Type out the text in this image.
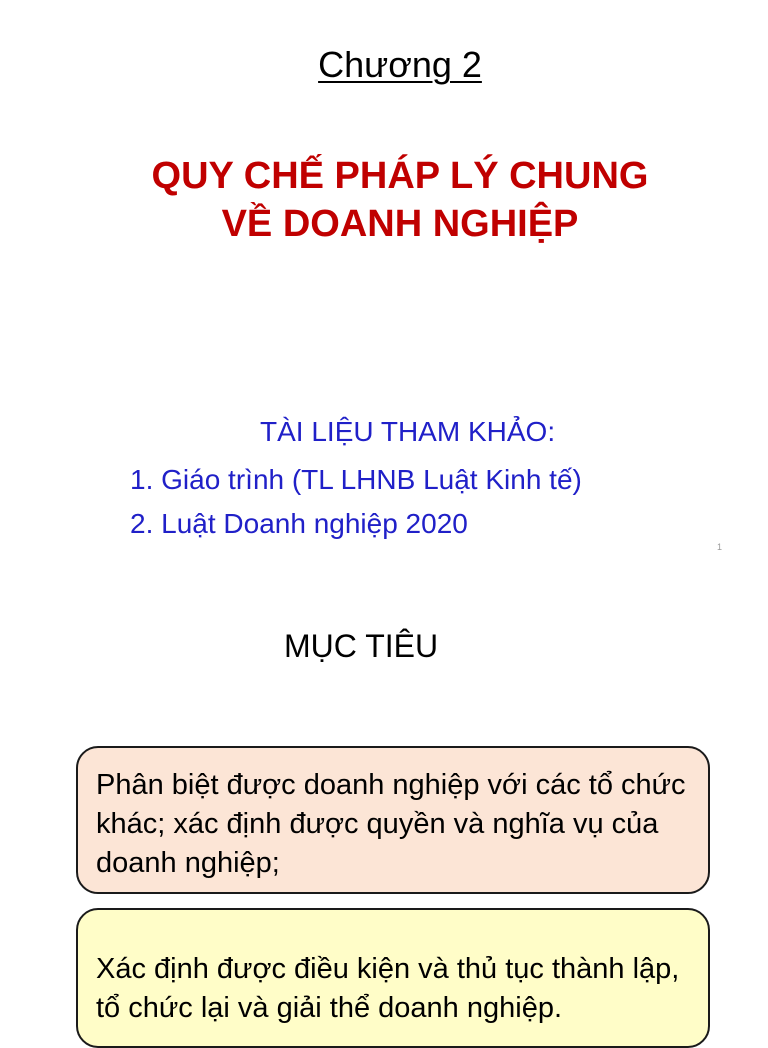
Chương 2
QUY CHẾ PHÁP LÝ CHUNG
VỀ DOANH NGHIỆP
TÀI LIỆU THAM KHẢO:
1. Giáo trình (TL LHNB Luật Kinh tế)
2. Luật Doanh nghiệp 2020
1
MỤC TIÊU
Phân biệt được doanh nghiệp với các tổ chức khác; xác định được quyền và nghĩa vụ của doanh nghiệp;
Xác định được điều kiện và thủ tục thành lập, tổ chức lại và giải thể doanh nghiệp.
